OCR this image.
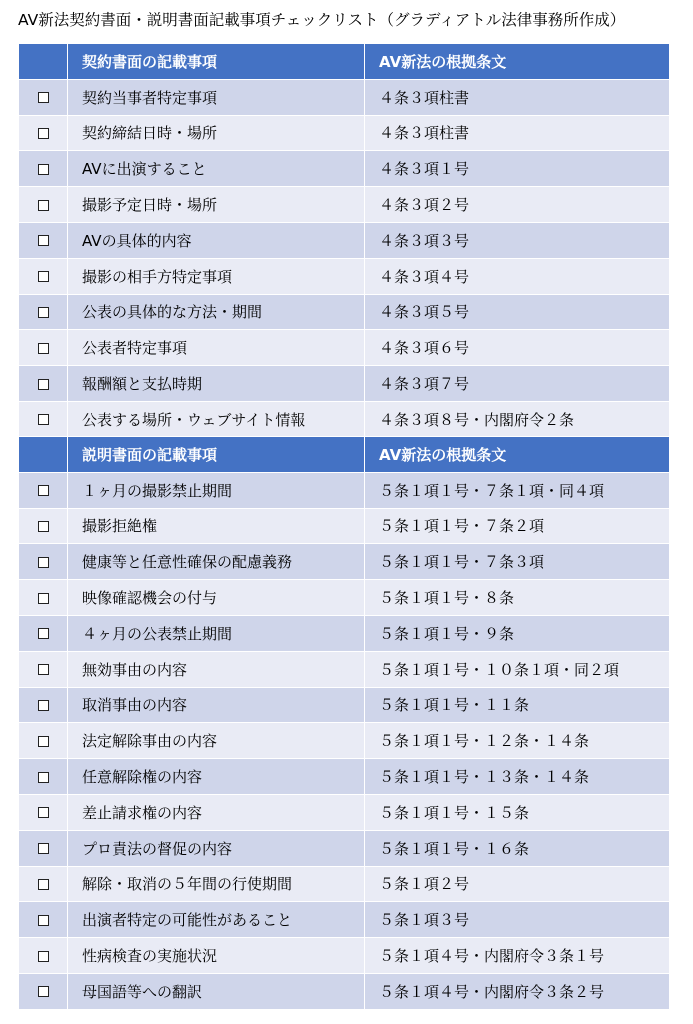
AV新法契約書面・説明書面記載事項チェックリスト（グラディアトル法律事務所作成）
	契約書面の記載事項	AV新法の根拠条文
	契約当事者特定事項	４条３項柱書
	契約締結日時・場所	４条３項柱書
	AVに出演すること	４条３項１号
	撮影予定日時・場所	４条３項２号
	AVの具体的内容	４条３項３号
	撮影の相手方特定事項	４条３項４号
	公表の具体的な方法・期間	４条３項５号
	公表者特定事項	４条３項６号
	報酬額と支払時期	４条３項７号
	公表する場所・ウェブサイト情報	４条３項８号・内閣府令２条
	説明書面の記載事項	AV新法の根拠条文
	１ヶ月の撮影禁止期間	５条１項１号・７条１項・同４項
	撮影拒絶権	５条１項１号・７条２項
	健康等と任意性確保の配慮義務	５条１項１号・７条３項
	映像確認機会の付与	５条１項１号・８条
	４ヶ月の公表禁止期間	５条１項１号・９条
	無効事由の内容	５条１項１号・１０条１項・同２項
	取消事由の内容	５条１項１号・１１条
	法定解除事由の内容	５条１項１号・１２条・１４条
	任意解除権の内容	５条１項１号・１３条・１４条
	差止請求権の内容	５条１項１号・１５条
	プロ責法の督促の内容	５条１項１号・１６条
	解除・取消の５年間の行使期間	５条１項２号
	出演者特定の可能性があること	５条１項３号
	性病検査の実施状況	５条１項４号・内閣府令３条１号
	母国語等への翻訳	５条１項４号・内閣府令３条２号
